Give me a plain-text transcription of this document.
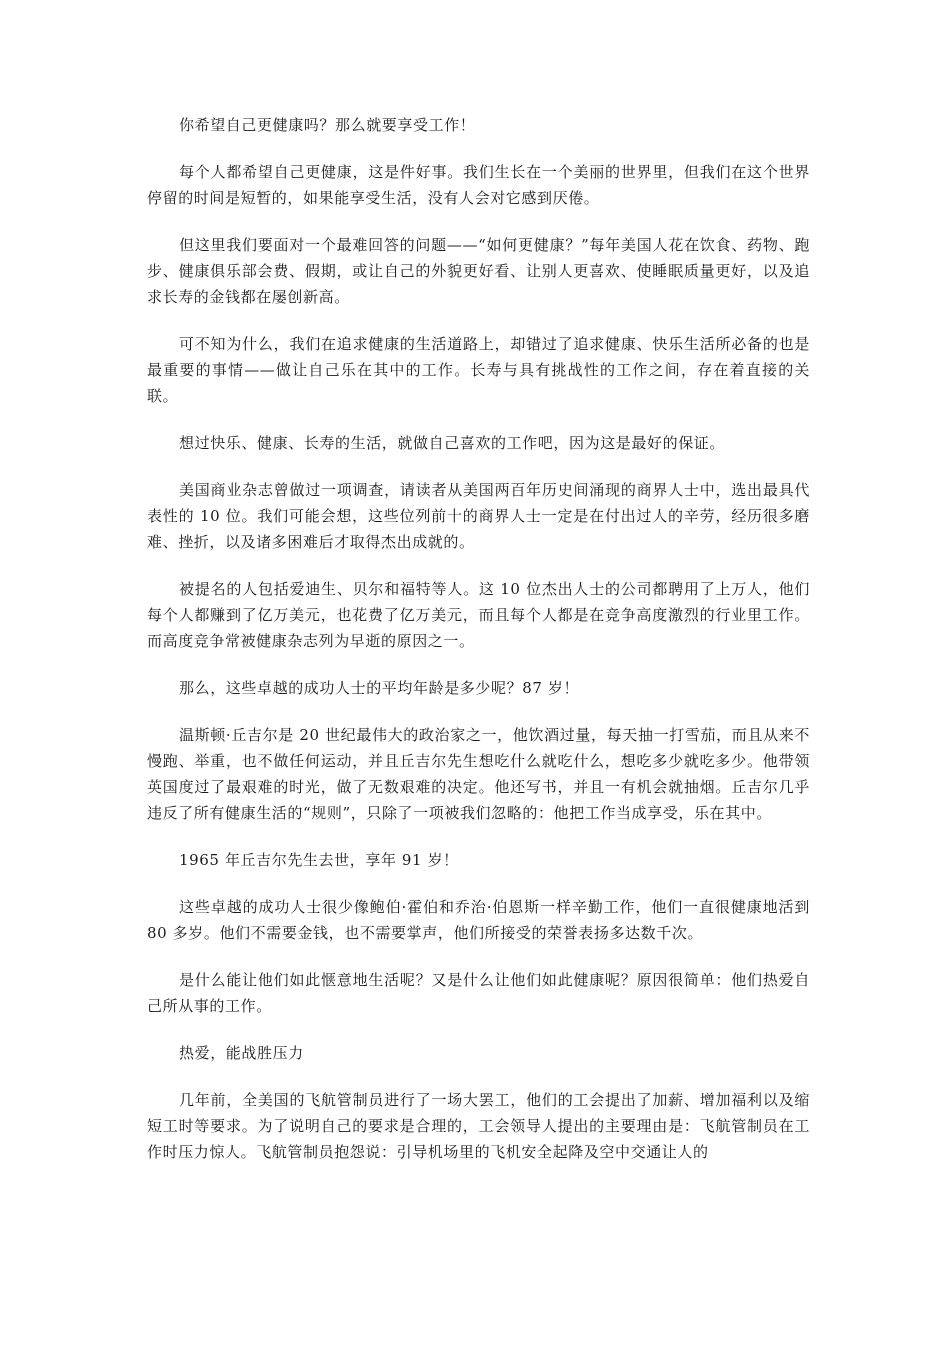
你希望自己更健康吗？那么就要享受工作！

每个人都希望自己更健康，这是件好事。我们生长在一个美丽的世界里，但我们在这个世界停留的时间是短暂的，如果能享受生活，没有人会对它感到厌倦。

但这里我们要面对一个最难回答的问题——“如何更健康？”每年美国人花在饮食、药物、跑步、健康俱乐部会费、假期，或让自己的外貌更好看、让别人更喜欢、使睡眠质量更好，以及追求长寿的金钱都在屡创新高。

可不知为什么，我们在追求健康的生活道路上，却错过了追求健康、快乐生活所必备的也是最重要的事情——做让自己乐在其中的工作。长寿与具有挑战性的工作之间，存在着直接的关联。

想过快乐、健康、长寿的生活，就做自己喜欢的工作吧，因为这是最好的保证。

美国商业杂志曾做过一项调查，请读者从美国两百年历史间涌现的商界人士中，选出最具代表性的 10 位。我们可能会想，这些位列前十的商界人士一定是在付出过人的辛劳，经历很多磨难、挫折，以及诸多困难后才取得杰出成就的。

被提名的人包括爱迪生、贝尔和福特等人。这 10 位杰出人士的公司都聘用了上万人，他们每个人都赚到了亿万美元，也花费了亿万美元，而且每个人都是在竞争高度激烈的行业里工作。而高度竞争常被健康杂志列为早逝的原因之一。

那么，这些卓越的成功人士的平均年龄是多少呢？87 岁！

温斯顿·丘吉尔是 20 世纪最伟大的政治家之一，他饮酒过量，每天抽一打雪茄，而且从来不慢跑、举重，也不做任何运动，并且丘吉尔先生想吃什么就吃什么，想吃多少就吃多少。他带领英国度过了最艰难的时光，做了无数艰难的决定。他还写书，并且一有机会就抽烟。丘吉尔几乎违反了所有健康生活的“规则”，只除了一项被我们忽略的：他把工作当成享受，乐在其中。

1965 年丘吉尔先生去世，享年 91 岁！

这些卓越的成功人士很少像鲍伯·霍伯和乔治·伯恩斯一样辛勤工作，他们一直很健康地活到 80 多岁。他们不需要金钱，也不需要掌声，他们所接受的荣誉表扬多达数千次。

是什么能让他们如此惬意地生活呢？又是什么让他们如此健康呢？原因很简单：他们热爱自己所从事的工作。

热爱，能战胜压力

几年前，全美国的飞航管制员进行了一场大罢工，他们的工会提出了加薪、增加福利以及缩短工时等要求。为了说明自己的要求是合理的，工会领导人提出的主要理由是：飞航管制员在工作时压力惊人。飞航管制员抱怨说：引导机场里的飞机安全起降及空中交通让人的
